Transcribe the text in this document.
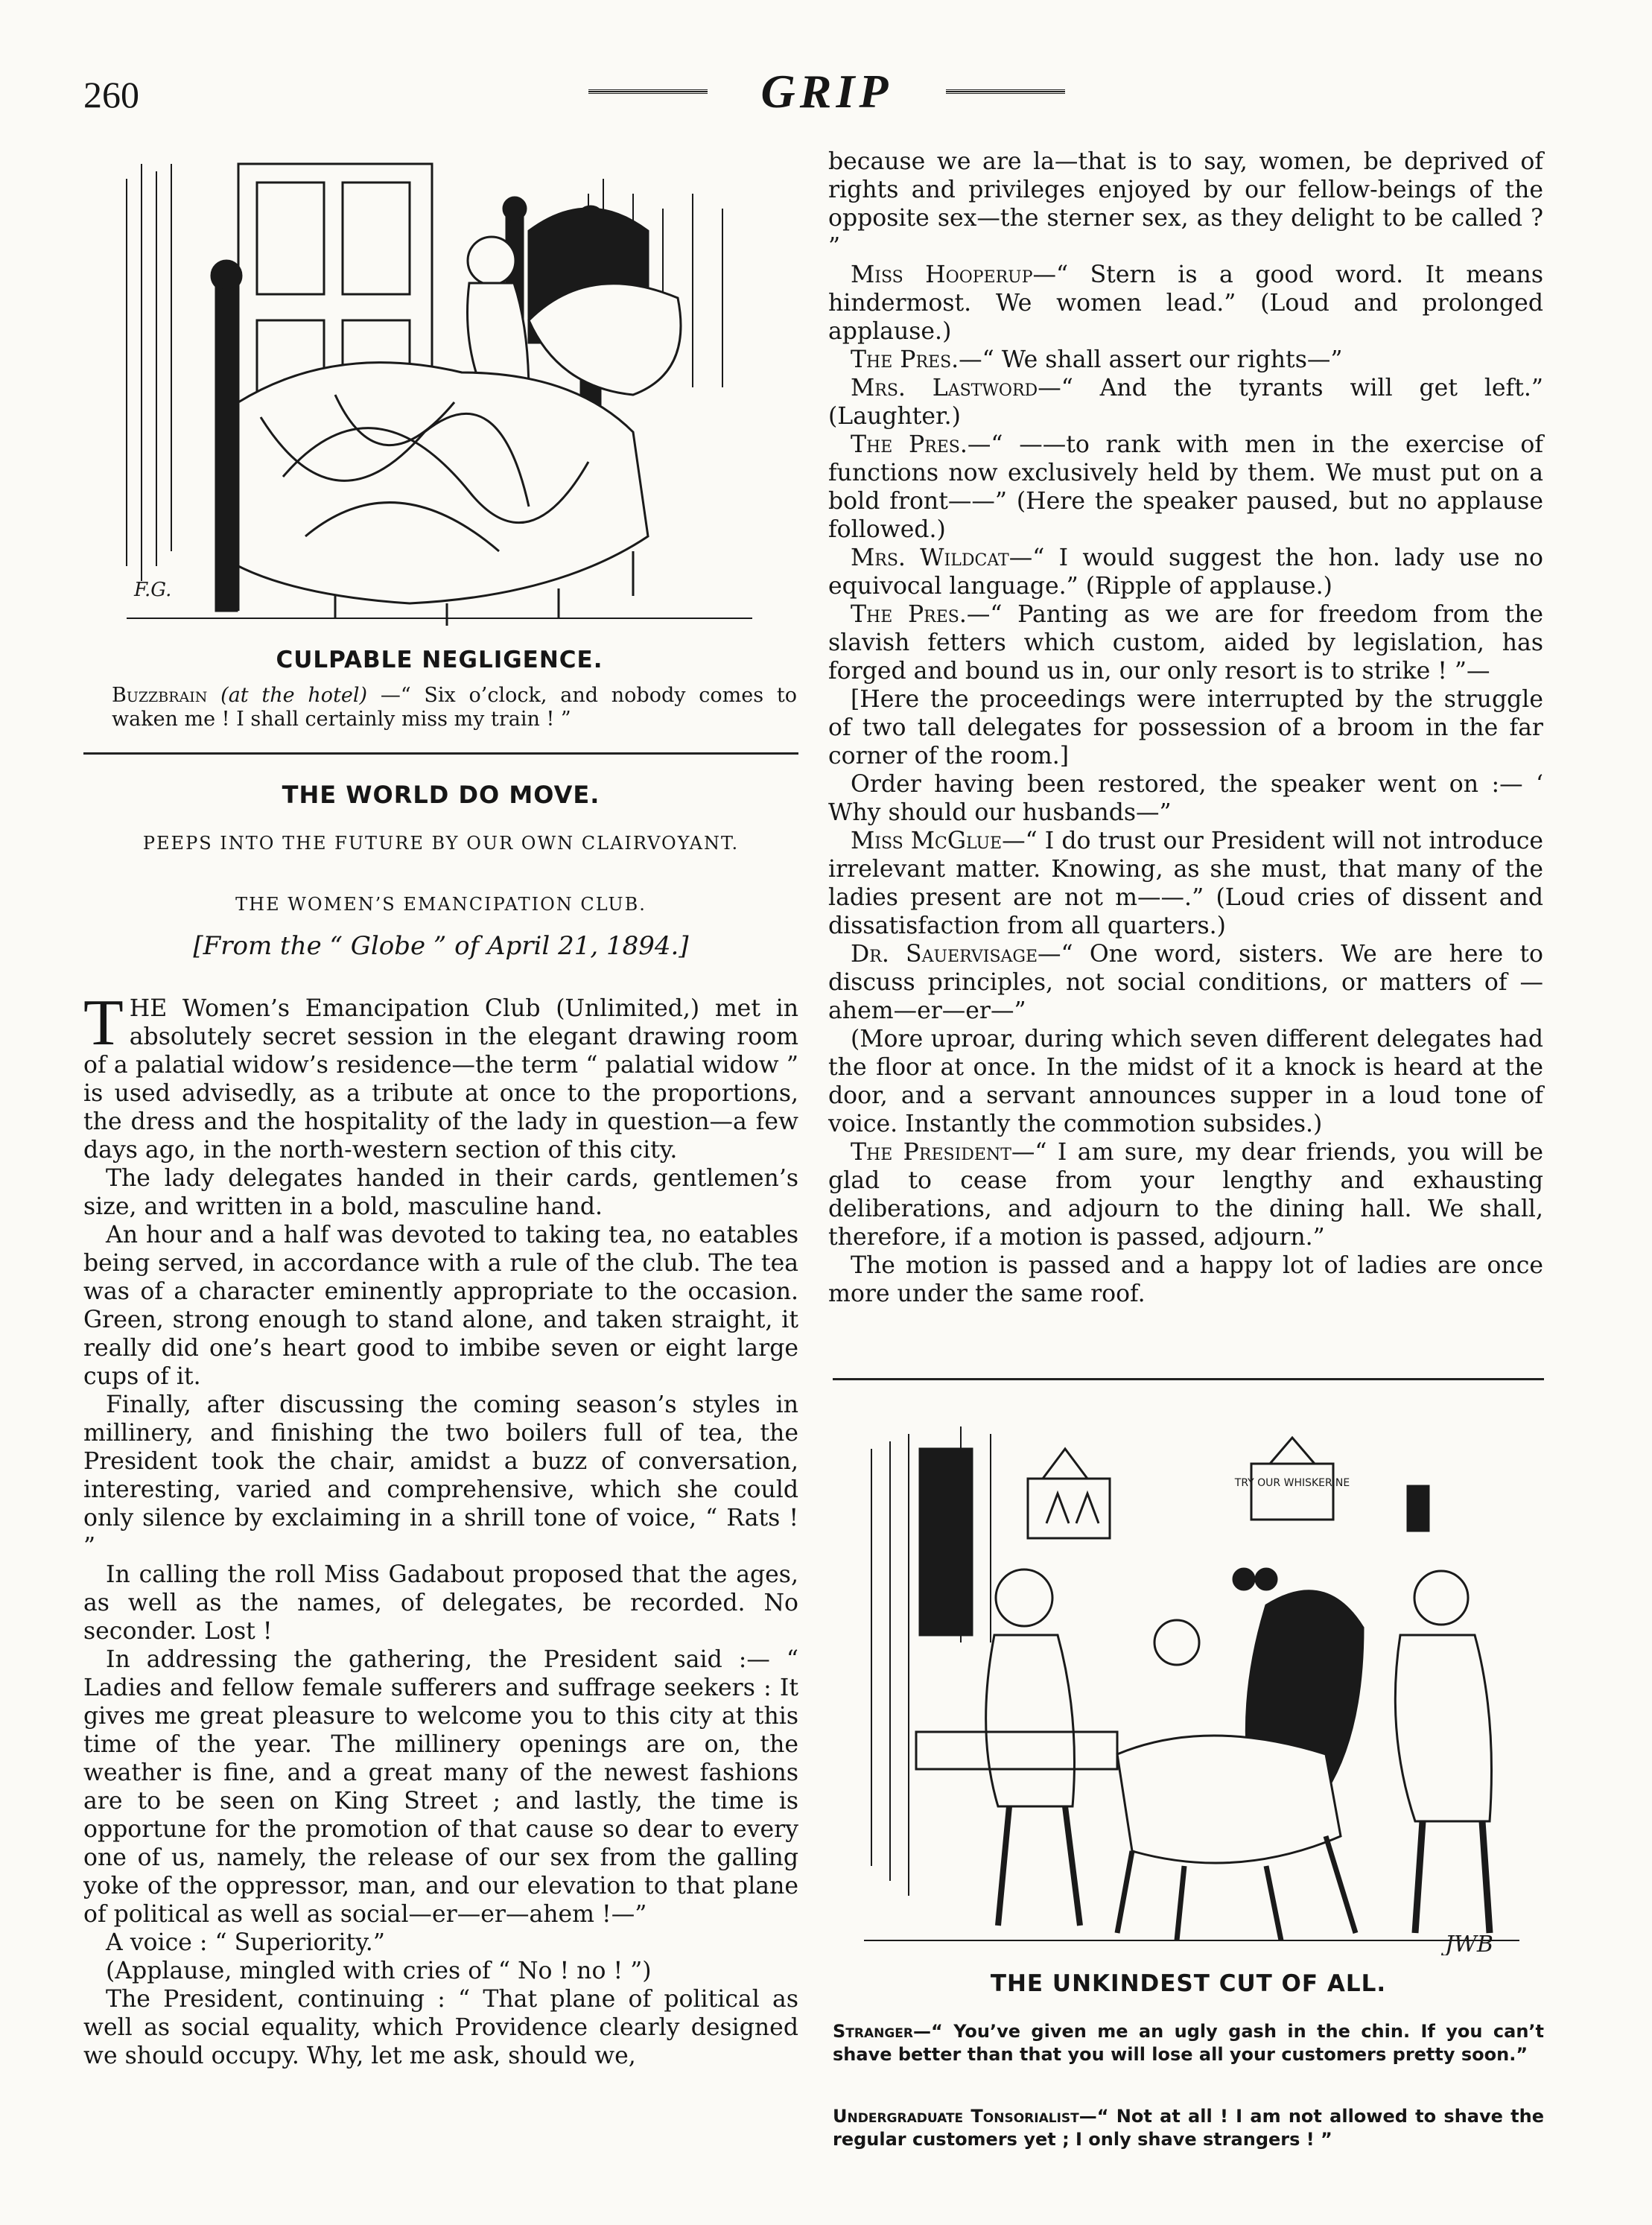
260	GRIP
F.G.
CULPABLE NEGLIGENCE.
Buzzbrain (at the hotel) —“ Six o’clock, and nobody comes to waken me ! I shall certainly miss my train ! ”
THE WORLD DO MOVE.
PEEPS INTO THE FUTURE BY OUR OWN CLAIRVOYANT.
THE WOMEN’S EMANCIPATION CLUB.
[From the “ Globe ” of April 21, 1894.]

THE Women’s Emancipation Club (Unlimited,) met in absolutely secret session in the elegant drawing room of a palatial widow’s residence—the term “ palatial widow ” is used advisedly, as a tribute at once to the proportions, the dress and the hospitality of the lady in question—a few days ago, in the north-western section of this city.

The lady delegates handed in their cards, gentlemen’s size, and written in a bold, masculine hand.

An hour and a half was devoted to taking tea, no eatables being served, in accordance with a rule of the club. The tea was of a character eminently appropriate to the occasion. Green, strong enough to stand alone, and taken straight, it really did one’s heart good to imbibe seven or eight large cups of it.

Finally, after discussing the coming season’s styles in millinery, and finishing the two boilers full of tea, the President took the chair, amidst a buzz of conversation, interesting, varied and comprehensive, which she could only silence by exclaiming in a shrill tone of voice, “ Rats ! ”

In calling the roll Miss Gadabout proposed that the ages, as well as the names, of delegates, be recorded. No seconder. Lost !

In addressing the gathering, the President said :— “ Ladies and fellow female sufferers and suffrage seekers : It gives me great pleasure to welcome you to this city at this time of the year. The millinery openings are on, the weather is fine, and a great many of the newest fashions are to be seen on King Street ; and lastly, the time is opportune for the promotion of that cause so dear to every one of us, namely, the release of our sex from the galling yoke of the oppressor, man, and our elevation to that plane of political as well as social—er—er—ahem !—”

A voice : “ Superiority.”

(Applause, mingled with cries of “ No ! no ! ”)

The President, continuing : “ That plane of political as well as social equality, which Providence clearly designed we should occupy. Why, let me ask, should we,

because we are la—that is to say, women, be deprived of rights and privileges enjoyed by our fellow-beings of the opposite sex—the sterner sex, as they delight to be called ? ”

Miss Hooperup—“ Stern is a good word. It means hindermost. We women lead.” (Loud and prolonged applause.)

The Pres.—“ We shall assert our rights—”

Mrs. Lastword—“ And the tyrants will get left.” (Laughter.)

The Pres.—“ ——to rank with men in the exercise of functions now exclusively held by them. We must put on a bold front——” (Here the speaker paused, but no applause followed.)

Mrs. Wildcat—“ I would suggest the hon. lady use no equivocal language.” (Ripple of applause.)

The Pres.—“ Panting as we are for freedom from the slavish fetters which custom, aided by legislation, has forged and bound us in, our only resort is to strike ! ”—

[Here the proceedings were interrupted by the struggle of two tall delegates for possession of a broom in the far corner of the room.]

Order having been restored, the speaker went on :— ‘ Why should our husbands—”

Miss McGlue—“ I do trust our President will not introduce irrelevant matter. Knowing, as she must, that many of the ladies present are not m——.” (Loud cries of dissent and dissatisfaction from all quarters.)

Dr. Sauervisage—“ One word, sisters. We are here to discuss principles, not social conditions, or matters of —ahem—er—er—”

(More uproar, during which seven different delegates had the floor at once. In the midst of it a knock is heard at the door, and a servant announces supper in a loud tone of voice. Instantly the commotion subsides.)

The President—“ I am sure, my dear friends, you will be glad to cease from your lengthy and exhausting deliberations, and adjourn to the dining hall. We shall, therefore, if a motion is passed, adjourn.”

The motion is passed and a happy lot of ladies are once more under the same roof.

TRY OUR WHISKERINE
JWB
THE UNKINDEST CUT OF ALL.
Stranger—“ You’ve given me an ugly gash in the chin. If you can’t shave better than that you will lose all your customers pretty soon.”
Undergraduate Tonsorialist—“ Not at all ! I am not allowed to shave the regular customers yet ; I only shave strangers ! ”
